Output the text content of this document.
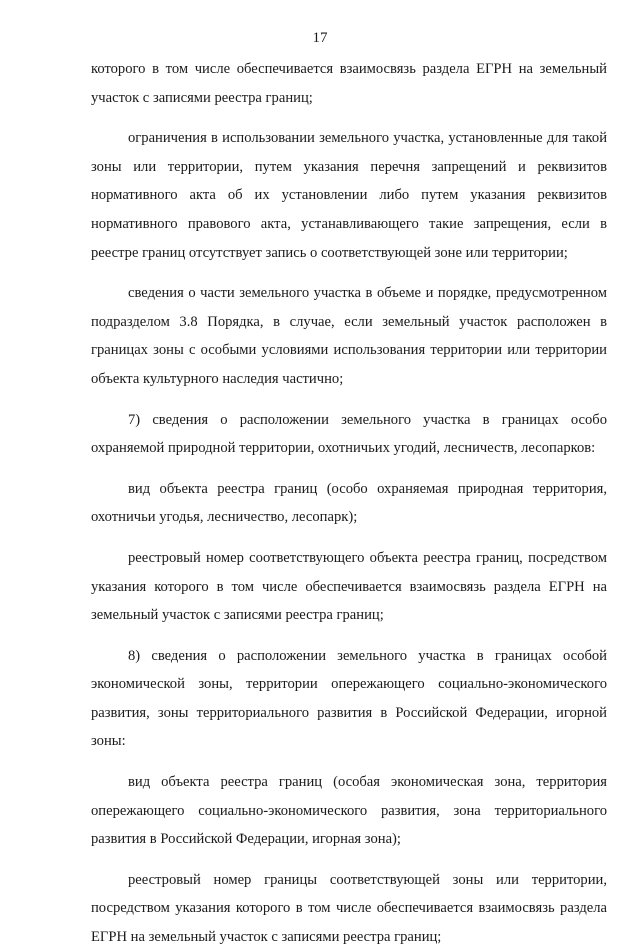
17

которого в том числе обеспечивается взаимосвязь раздела ЕГРН на земельный участок с записями реестра границ;

ограничения в использовании земельного участка, установленные для такой зоны или территории, путем указания перечня запрещений и реквизитов нормативного акта об их установлении либо путем указания реквизитов нормативного правового акта, устанавливающего такие запрещения, если в реестре границ отсутствует запись о соответствующей зоне или территории;

сведения о части земельного участка в объеме и порядке, предусмотренном подразделом 3.8 Порядка, в случае, если земельный участок расположен в границах зоны с особыми условиями использования территории или территории объекта культурного наследия частично;

7) сведения о расположении земельного участка в границах особо охраняемой природной территории, охотничьих угодий, лесничеств, лесопарков:

вид объекта реестра границ (особо охраняемая природная территория, охотничьи угодья, лесничество, лесопарк);

реестровый номер соответствующего объекта реестра границ, посредством указания которого в том числе обеспечивается взаимосвязь раздела ЕГРН на земельный участок с записями реестра границ;

8) сведения о расположении земельного участка в границах особой экономической зоны, территории опережающего социально-экономического развития, зоны территориального развития в Российской Федерации, игорной зоны:

вид объекта реестра границ (особая экономическая зона, территория опережающего социально-экономического развития, зона территориального развития в Российской Федерации, игорная зона);

реестровый номер границы соответствующей зоны или территории, посредством указания которого в том числе обеспечивается взаимосвязь раздела ЕГРН на земельный участок с записями реестра границ;
